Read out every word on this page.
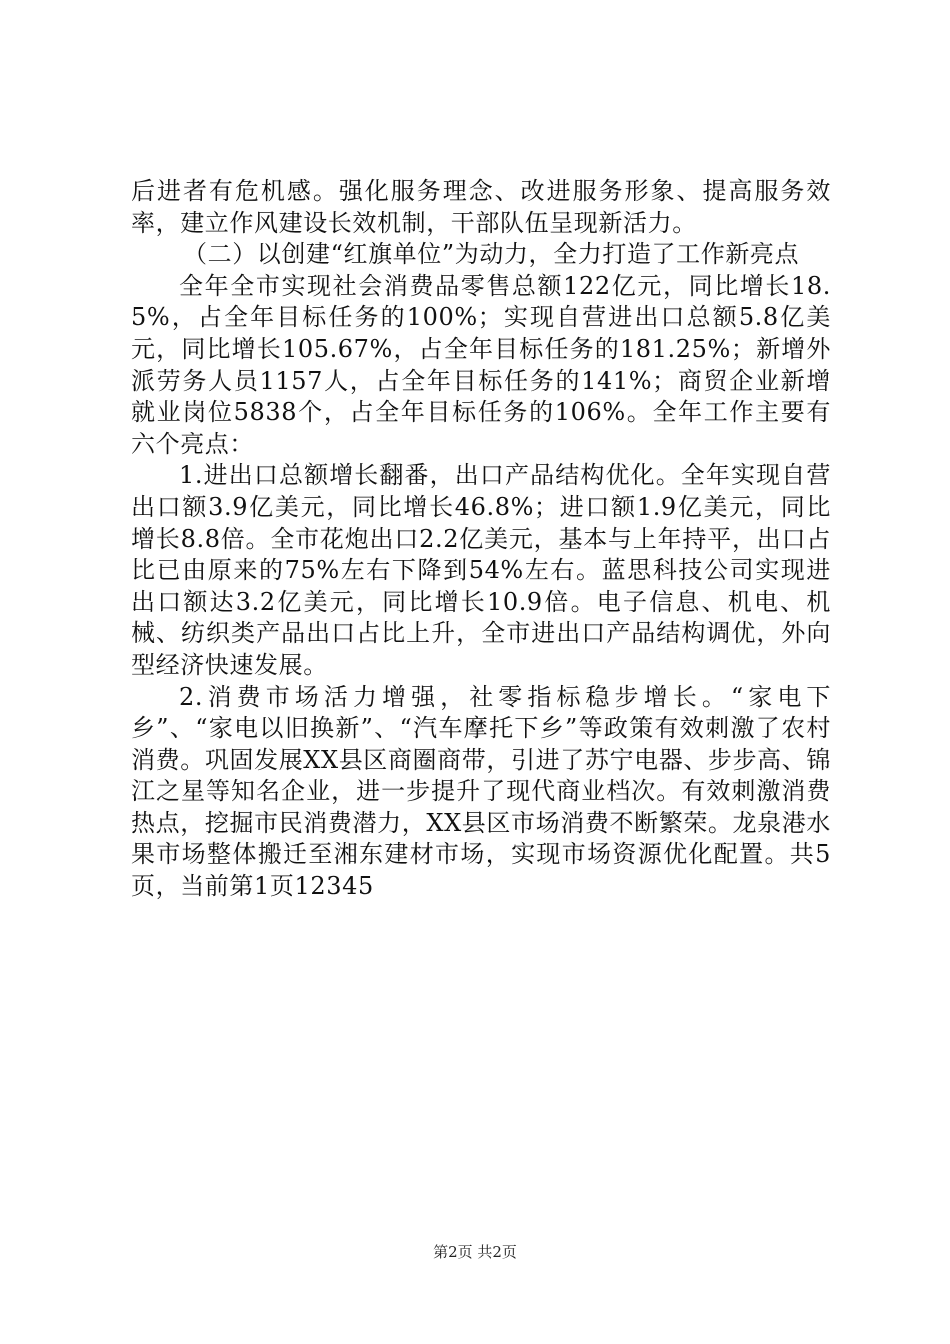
后进者有危机感。强化服务理念、改进服务形象、提高服务效率，建立作风建设长效机制，干部队伍呈现新活力。

（二）以创建“红旗单位”为动力，全力打造了工作新亮点

全年全市实现社会消费品零售总额122亿元，同比增长18.5%，占全年目标任务的100%；实现自营进出口总额5.8亿美元，同比增长105.67%，占全年目标任务的181.25%；新增外派劳务人员1157人，占全年目标任务的141%；商贸企业新增就业岗位5838个，占全年目标任务的106%。全年工作主要有六个亮点：

1.进出口总额增长翻番，出口产品结构优化。全年实现自营出口额3.9亿美元，同比增长46.8%；进口额1.9亿美元，同比增长8.8倍。全市花炮出口2.2亿美元，基本与上年持平，出口占比已由原来的75%左右下降到54%左右。蓝思科技公司实现进出口额达3.2亿美元，同比增长10.9倍。电子信息、机电、机械、纺织类产品出口占比上升，全市进出口产品结构调优，外向型经济快速发展。

2.消费市场活力增强，社零指标稳步增长。“家电下乡”、“家电以旧换新”、“汽车摩托下乡”等政策有效刺激了农村消费。巩固发展XX县区商圈商带，引进了苏宁电器、步步高、锦江之星等知名企业，进一步提升了现代商业档次。有效刺激消费热点，挖掘市民消费潜力，XX县区市场消费不断繁荣。龙泉港水果市场整体搬迁至湘东建材市场，实现市场资源优化配置。共5页，当前第1页12345

第2页 共2页
